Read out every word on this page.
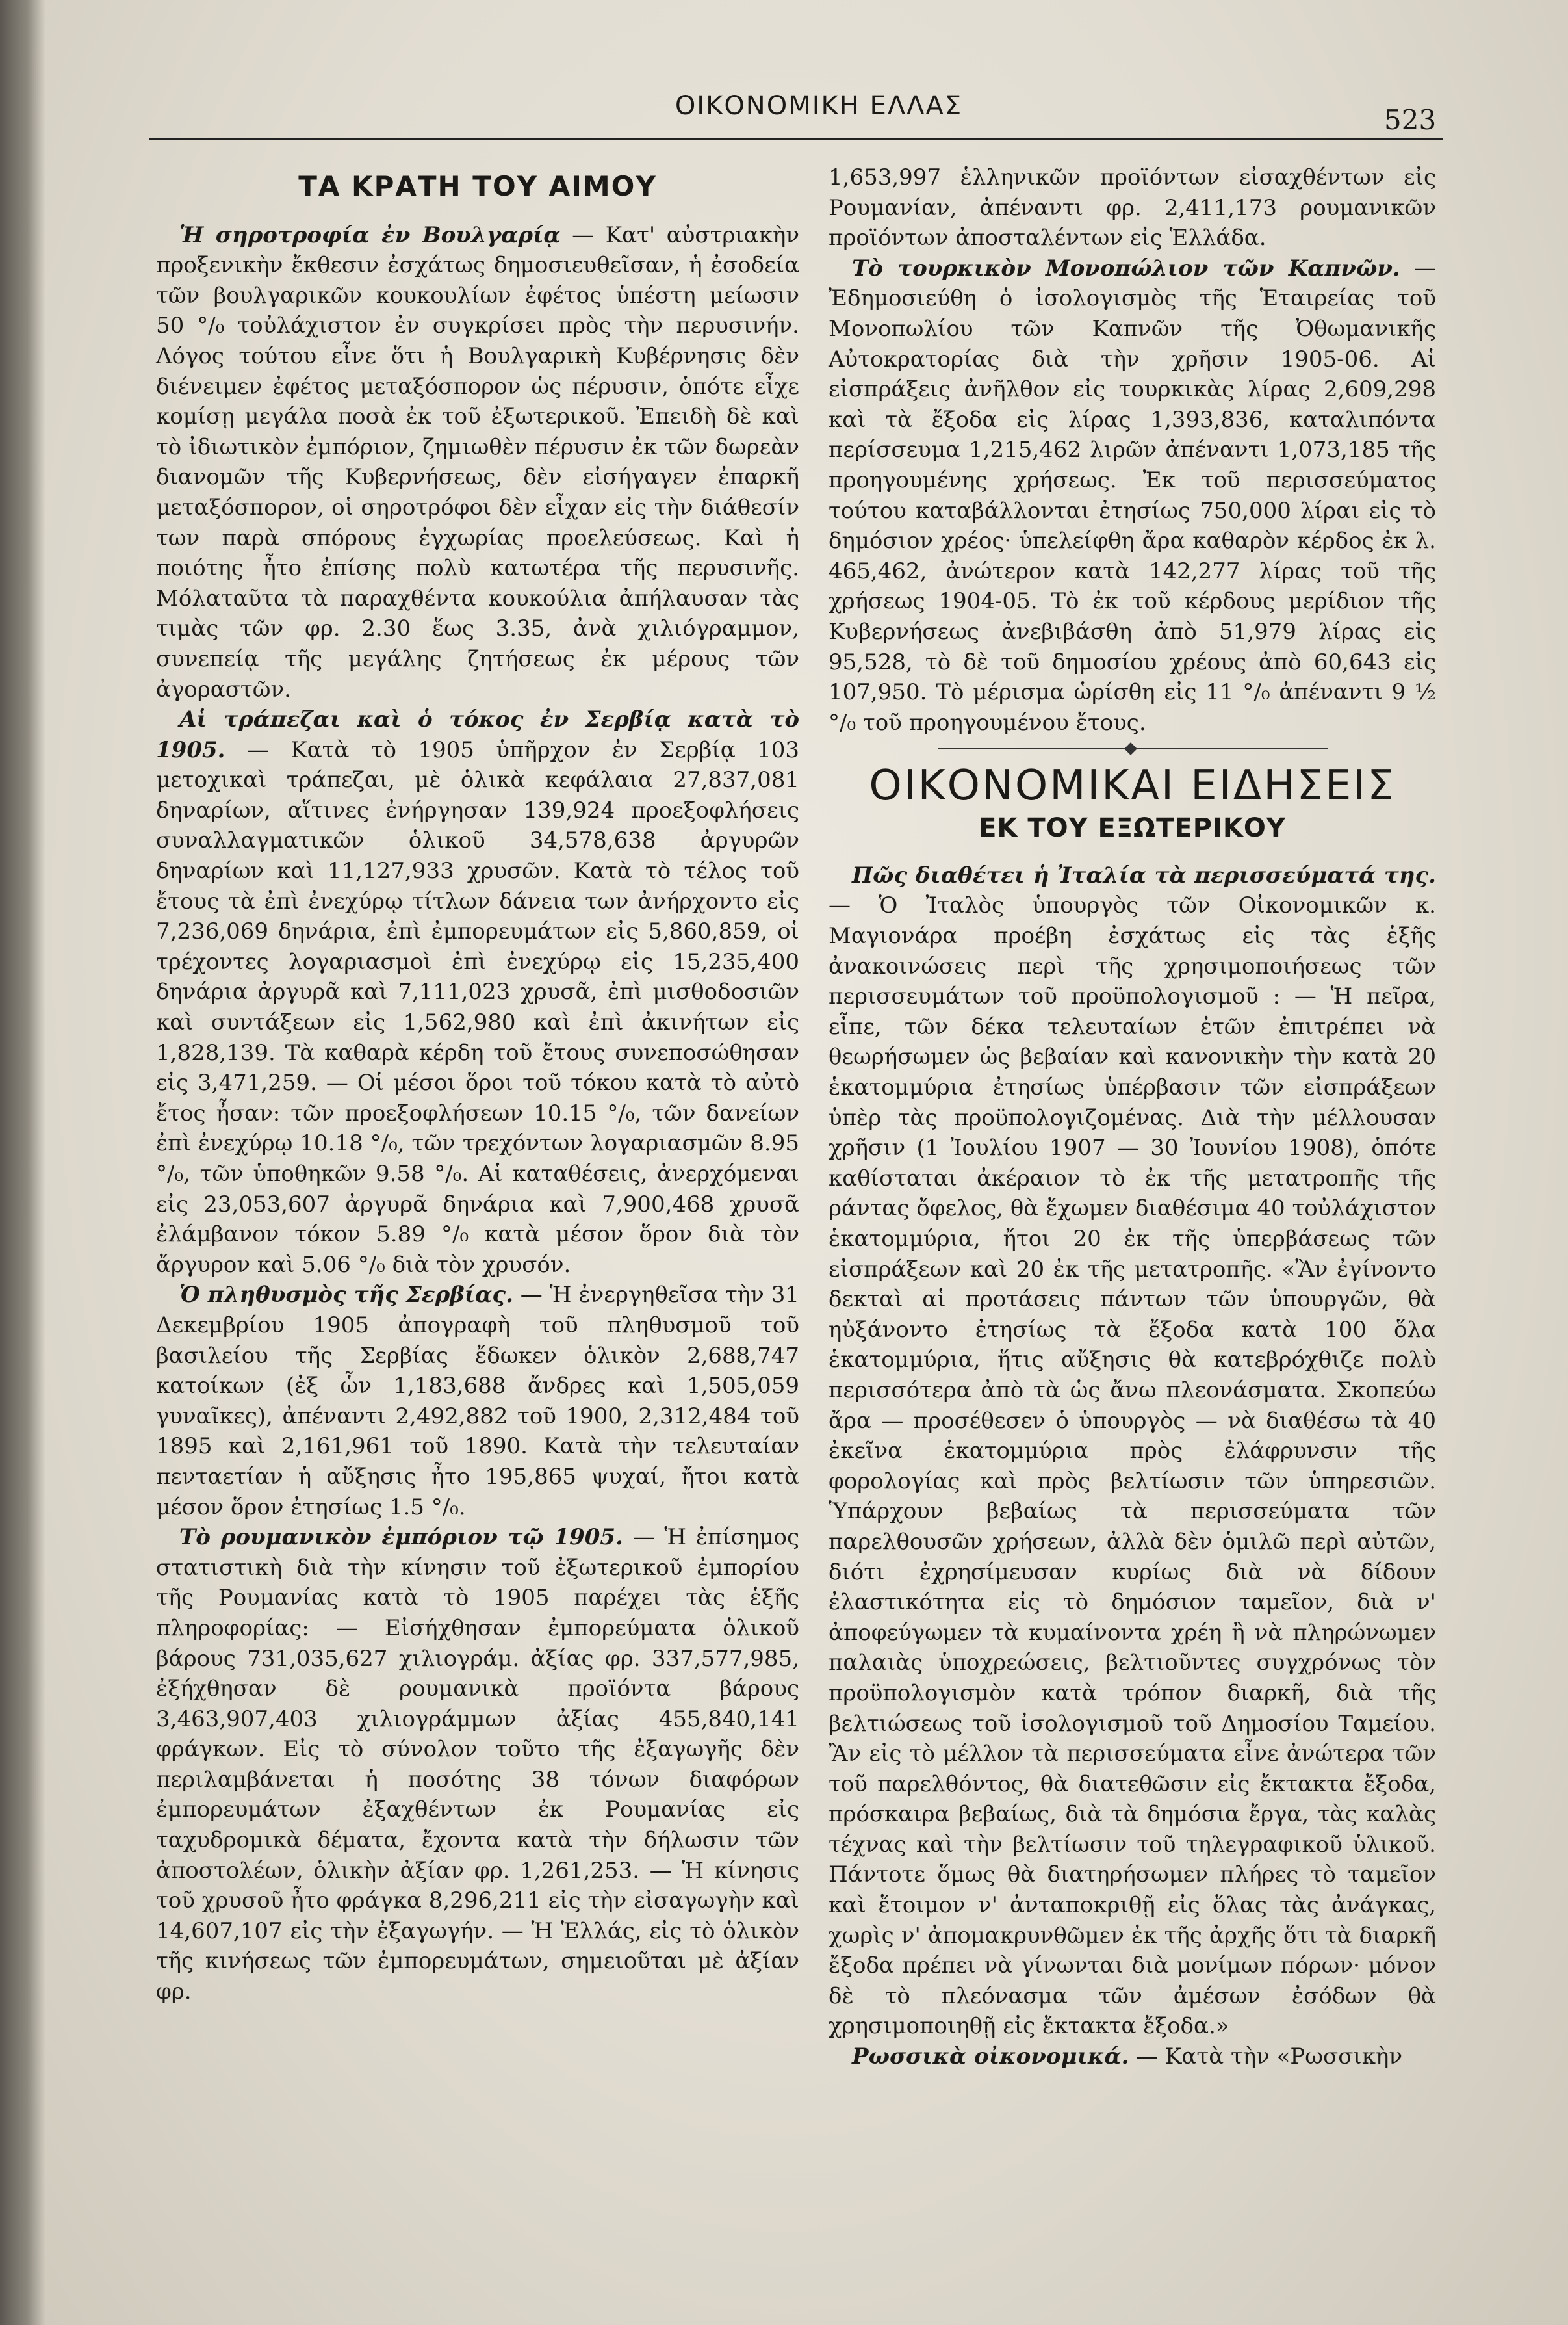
ΟΙΚΟΝΟΜΙΚΗ ΕΛΛΑΣ	523
ΤΑ ΚΡΑΤΗ ΤΟΥ ΑΙΜΟΥ

Ἡ σηροτροφία ἐν Βουλγαρίᾳ — Κατ' αὐστριακὴν προξενικὴν ἔκθεσιν ἐσχάτως δημοσιευθεῖσαν, ἡ ἐσοδεία τῶν βουλγαρικῶν κουκουλίων ἐφέτος ὑπέστη μείωσιν 50 °/₀ τοὐλάχιστον ἐν συγκρίσει πρὸς τὴν περυσινήν. Λόγος τούτου εἶνε ὅτι ἡ Βουλγαρικὴ Κυβέρνησις δὲν διένειμεν ἐφέτος μεταξόσπορον ὡς πέρυσιν, ὁπότε εἶχε κομίσῃ μεγάλα ποσὰ ἐκ τοῦ ἐξωτερικοῦ. Ἐπειδὴ δὲ καὶ τὸ ἰδιωτικὸν ἐμπόριον, ζημιωθὲν πέρυσιν ἐκ τῶν δωρεὰν διανομῶν τῆς Κυβερνήσεως, δὲν εἰσήγαγεν ἐπαρκῆ μεταξόσπορον, οἱ σηροτρόφοι δὲν εἶχαν εἰς τὴν διάθεσίν των παρὰ σπόρους ἐγχωρίας προελεύσεως. Καὶ ἡ ποιότης ἦτο ἐπίσης πολὺ κατωτέρα τῆς περυσινῆς. Μόλαταῦτα τὰ παραχθέντα κουκούλια ἀπήλαυσαν τὰς τιμὰς τῶν φρ. 2.30 ἕως 3.35, ἀνὰ χιλιόγραμμον, συνεπείᾳ τῆς μεγάλης ζητήσεως ἐκ μέρους τῶν ἀγοραστῶν.

Αἱ τράπεζαι καὶ ὁ τόκος ἐν Σερβίᾳ κατὰ τὸ 1905. — Κατὰ τὸ 1905 ὑπῆρχον ἐν Σερβίᾳ 103 μετοχικαὶ τράπεζαι, μὲ ὁλικὰ κεφάλαια 27,837,081 δηναρίων, αἵτινες ἐνήργησαν 139,924 προεξοφλήσεις συναλλαγματικῶν ὁλικοῦ 34,578,638 ἀργυρῶν δηναρίων καὶ 11,127,933 χρυσῶν. Κατὰ τὸ τέλος τοῦ ἔτους τὰ ἐπὶ ἐνεχύρῳ τίτλων δάνεια των ἀνήρχοντο εἰς 7,236,069 δηνάρια, ἐπὶ ἐμπορευμάτων εἰς 5,860,859, οἱ τρέχοντες λογαριασμοὶ ἐπὶ ἐνεχύρῳ εἰς 15,235,400 δηνάρια ἀργυρᾶ καὶ 7,111,023 χρυσᾶ, ἐπὶ μισθοδοσιῶν καὶ συντάξεων εἰς 1,562,980 καὶ ἐπὶ ἀκινήτων εἰς 1,828,139. Τὰ καθαρὰ κέρδη τοῦ ἔτους συνεποσώθησαν εἰς 3,471,259. — Οἱ μέσοι ὅροι τοῦ τόκου κατὰ τὸ αὐτὸ ἔτος ἦσαν: τῶν προεξοφλήσεων 10.15 °/₀, τῶν δανείων ἐπὶ ἐνεχύρῳ 10.18 °/₀, τῶν τρεχόντων λογαριασμῶν 8.95 °/₀, τῶν ὑποθηκῶν 9.58 °/₀. Αἱ καταθέσεις, ἀνερχόμεναι εἰς 23,053,607 ἀργυρᾶ δηνάρια καὶ 7,900,468 χρυσᾶ ἐλάμβανον τόκον 5.89 °/₀ κατὰ μέσον ὅρον διὰ τὸν ἄργυρον καὶ 5.06 °/₀ διὰ τὸν χρυσόν.

Ὁ πληθυσμὸς τῆς Σερβίας. — Ἡ ἐνεργηθεῖσα τὴν 31 Δεκεμβρίου 1905 ἀπογραφὴ τοῦ πληθυσμοῦ τοῦ βασιλείου τῆς Σερβίας ἔδωκεν ὁλικὸν 2,688,747 κατοίκων (ἐξ ὧν 1,183,688 ἄνδρες καὶ 1,505,059 γυναῖκες), ἀπέναντι 2,492,882 τοῦ 1900, 2,312,484 τοῦ 1895 καὶ 2,161,961 τοῦ 1890. Κατὰ τὴν τελευταίαν πενταετίαν ἡ αὔξησις ἦτο 195,865 ψυχαί, ἤτοι κατὰ μέσον ὅρον ἐτησίως 1.5 °/₀.

Τὸ ρουμανικὸν ἐμπόριον τῷ 1905. — Ἡ ἐπίσημος στατιστικὴ διὰ τὴν κίνησιν τοῦ ἐξωτερικοῦ ἐμπορίου τῆς Ρουμανίας κατὰ τὸ 1905 παρέχει τὰς ἑξῆς πληροφορίας: — Εἰσήχθησαν ἐμπορεύματα ὁλικοῦ βάρους 731,035,627 χιλιογράμ. ἀξίας φρ. 337,577,985, ἐξήχθησαν δὲ ρουμανικὰ προϊόντα βάρους 3,463,907,403 χιλιογράμμων ἀξίας 455,840,141 φράγκων. Εἰς τὸ σύνολον τοῦτο τῆς ἐξαγωγῆς δὲν περιλαμβάνεται ἡ ποσότης 38 τόνων διαφόρων ἐμπορευμάτων ἐξαχθέντων ἐκ Ρουμανίας εἰς ταχυδρομικὰ δέματα, ἔχοντα κατὰ τὴν δήλωσιν τῶν ἀποστολέων, ὁλικὴν ἀξίαν φρ. 1,261,253. — Ἡ κίνησις τοῦ χρυσοῦ ἦτο φράγκα 8,296,211 εἰς τὴν εἰσαγωγὴν καὶ 14,607,107 εἰς τὴν ἐξαγωγήν. — Ἡ Ἑλλάς, εἰς τὸ ὁλικὸν τῆς κινήσεως τῶν ἐμπορευμάτων, σημειοῦται μὲ ἀξίαν φρ.

1,653,997 ἑλληνικῶν προϊόντων εἰσαχθέντων εἰς Ρουμανίαν, ἀπέναντι φρ. 2,411,173 ρουμανικῶν προϊόντων ἀποσταλέντων εἰς Ἑλλάδα.

Τὸ τουρκικὸν Μονοπώλιον τῶν Καπνῶν. — Ἐδημοσιεύθη ὁ ἰσολογισμὸς τῆς Ἑταιρείας τοῦ Μονοπωλίου τῶν Καπνῶν τῆς Ὀθωμανικῆς Αὐτοκρατορίας διὰ τὴν χρῆσιν 1905-06. Αἱ εἰσπράξεις ἀνῆλθον εἰς τουρκικὰς λίρας 2,609,298 καὶ τὰ ἔξοδα εἰς λίρας 1,393,836, καταλιπόντα περίσσευμα 1,215,462 λιρῶν ἀπέναντι 1,073,185 τῆς προηγουμένης χρήσεως. Ἐκ τοῦ περισσεύματος τούτου καταβάλλονται ἐτησίως 750,000 λίραι εἰς τὸ δημόσιον χρέος· ὑπελείφθη ἄρα καθαρὸν κέρδος ἐκ λ. 465,462, ἀνώτερον κατὰ 142,277 λίρας τοῦ τῆς χρήσεως 1904-05. Τὸ ἐκ τοῦ κέρδους μερίδιον τῆς Κυβερνήσεως ἀνεβιβάσθη ἀπὸ 51,979 λίρας εἰς 95,528, τὸ δὲ τοῦ δημοσίου χρέους ἀπὸ 60,643 εἰς 107,950. Τὸ μέρισμα ὡρίσθη εἰς 11 °/₀ ἀπέναντι 9 ½ °/₀ τοῦ προηγουμένου ἔτους.

ΟΙΚΟΝΟΜΙΚΑΙ ΕΙΔΗΣΕΙΣ
ΕΚ ΤΟΥ ΕΞΩΤΕΡΙΚΟΥ

Πῶς διαθέτει ἡ Ἰταλία τὰ περισσεύματά της. — Ὁ Ἰταλὸς ὑπουργὸς τῶν Οἰκονομικῶν κ. Μαγιονάρα προέβη ἐσχάτως εἰς τὰς ἑξῆς ἀνακοινώσεις περὶ τῆς χρησιμοποιήσεως τῶν περισσευμάτων τοῦ προϋπολογισμοῦ : — Ἡ πεῖρα, εἶπε, τῶν δέκα τελευταίων ἐτῶν ἐπιτρέπει νὰ θεωρήσωμεν ὡς βεβαίαν καὶ κανονικὴν τὴν κατὰ 20 ἑκατομμύρια ἐτησίως ὑπέρβασιν τῶν εἰσπράξεων ὑπὲρ τὰς προϋπολογιζομένας. Διὰ τὴν μέλλουσαν χρῆσιν (1 Ἰουλίου 1907 — 30 Ἰουνίου 1908), ὁπότε καθίσταται ἀκέραιον τὸ ἐκ τῆς μετατροπῆς τῆς ράντας ὄφελος, θὰ ἔχωμεν διαθέσιμα 40 τοὐλάχιστον ἑκατομμύρια, ἤτοι 20 ἐκ τῆς ὑπερβάσεως τῶν εἰσπράξεων καὶ 20 ἐκ τῆς μετατροπῆς. «Ἂν ἐγίνοντο δεκταὶ αἱ προτάσεις πάντων τῶν ὑπουργῶν, θὰ ηὐξάνοντο ἐτησίως τὰ ἔξοδα κατὰ 100 ὅλα ἑκατομμύρια, ἥτις αὔξησις θὰ κατεβρόχθιζε πολὺ περισσότερα ἀπὸ τὰ ὡς ἄνω πλεονάσματα. Σκοπεύω ἄρα — προσέθεσεν ὁ ὑπουργὸς — νὰ διαθέσω τὰ 40 ἐκεῖνα ἑκατομμύρια πρὸς ἐλάφρυνσιν τῆς φορολογίας καὶ πρὸς βελτίωσιν τῶν ὑπηρεσιῶν. Ὑπάρχουν βεβαίως τὰ περισσεύματα τῶν παρελθουσῶν χρήσεων, ἀλλὰ δὲν ὁμιλῶ περὶ αὐτῶν, διότι ἐχρησίμευσαν κυρίως διὰ νὰ δίδουν ἐλαστικότητα εἰς τὸ δημόσιον ταμεῖον, διὰ ν' ἀποφεύγωμεν τὰ κυμαίνοντα χρέη ἢ νὰ πληρώνωμεν παλαιὰς ὑποχρεώσεις, βελτιοῦντες συγχρόνως τὸν προϋπολογισμὸν κατὰ τρόπον διαρκῆ, διὰ τῆς βελτιώσεως τοῦ ἰσολογισμοῦ τοῦ Δημοσίου Ταμείου. Ἂν εἰς τὸ μέλλον τὰ περισσεύματα εἶνε ἀνώτερα τῶν τοῦ παρελθόντος, θὰ διατεθῶσιν εἰς ἔκτακτα ἔξοδα, πρόσκαιρα βεβαίως, διὰ τὰ δημόσια ἔργα, τὰς καλὰς τέχνας καὶ τὴν βελτίωσιν τοῦ τηλεγραφικοῦ ὑλικοῦ. Πάντοτε ὅμως θὰ διατηρήσωμεν πλήρες τὸ ταμεῖον καὶ ἕτοιμον ν' ἀνταποκριθῇ εἰς ὅλας τὰς ἀνάγκας, χωρὶς ν' ἀπομακρυνθῶμεν ἐκ τῆς ἀρχῆς ὅτι τὰ διαρκῆ ἔξοδα πρέπει νὰ γίνωνται διὰ μονίμων πόρων· μόνον δὲ τὸ πλεόνασμα τῶν ἀμέσων ἐσόδων θὰ χρησιμοποιηθῇ εἰς ἔκτακτα ἔξοδα.»

Ρωσσικὰ οἰκονομικά. — Κατὰ τὴν «Ρωσσικὴν
